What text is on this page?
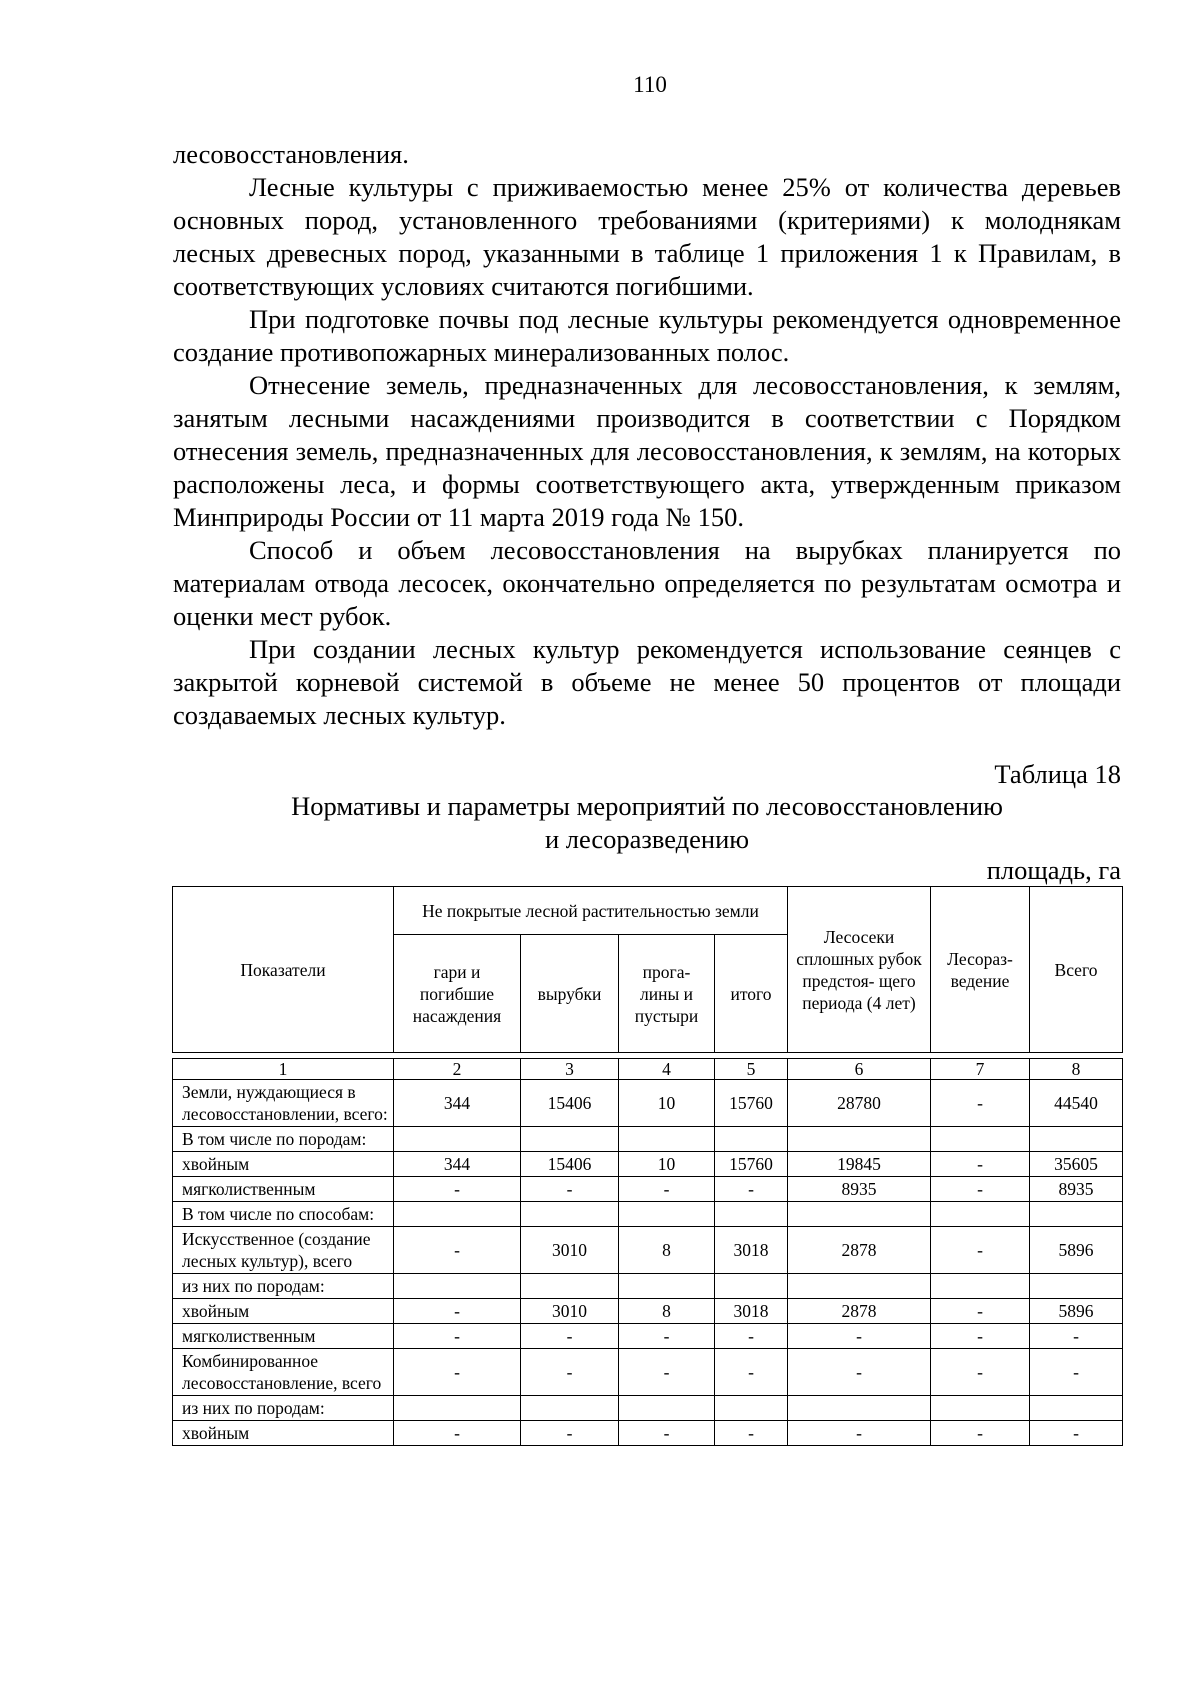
110

лесовосстановления.

Лесные культуры с приживаемостью менее 25% от количества деревьев основных пород, установленного требованиями (критериями) к молоднякам лесных древесных пород, указанными в таблице 1 приложения 1 к Правилам, в соответствующих условиях считаются погибшими.

При подготовке почвы под лесные культуры рекомендуется одновременное создание противопожарных минерализованных полос.

Отнесение земель, предназначенных для лесовосстановления, к землям, занятым лесными насаждениями производится в соответствии с Порядком отнесения земель, предназначенных для лесовосстановления, к землям, на которых расположены леса, и формы соответствующего акта, утвержденным приказом Минприроды России от 11 марта 2019 года № 150.

Способ и объем лесовосстановления на вырубках планируется по материалам отвода лесосек, окончательно определяется по результатам осмотра и оценки мест рубок.

При создании лесных культур рекомендуется использование сеянцев с закрытой корневой системой в объеме не менее 50 процентов от площади создаваемых лесных культур.

Таблица 18
Нормативы и параметры мероприятий по лесовосстановлению
и лесоразведению
площадь, га
Показатели	Не покрытые лесной растительностью земли				Лесосеки сплошных рубок предстоя- щего периода (4 лет)	Лесораз- ведение	Всего
	гари и погибшие насаждения	вырубки	прога- лины и пустыри	итого			

1	2	3	4	5	6	7	8
Земли, нуждающиеся в лесовосстановлении, всего:	344	15406	10	15760	28780	-	44540
В том числе по породам:							
хвойным	344	15406	10	15760	19845	-	35605
мягколиственным	-	-	-	-	8935	-	8935
В том числе по способам:							
Искусственное (создание лесных культур), всего	-	3010	8	3018	2878	-	5896
из них по породам:							
хвойным	-	3010	8	3018	2878	-	5896
мягколиственным	-	-	-	-	-	-	-
Комбинированное лесовосстановление, всего	-	-	-	-	-	-	-
из них по породам:							
хвойным	-	-	-	-	-	-	-
